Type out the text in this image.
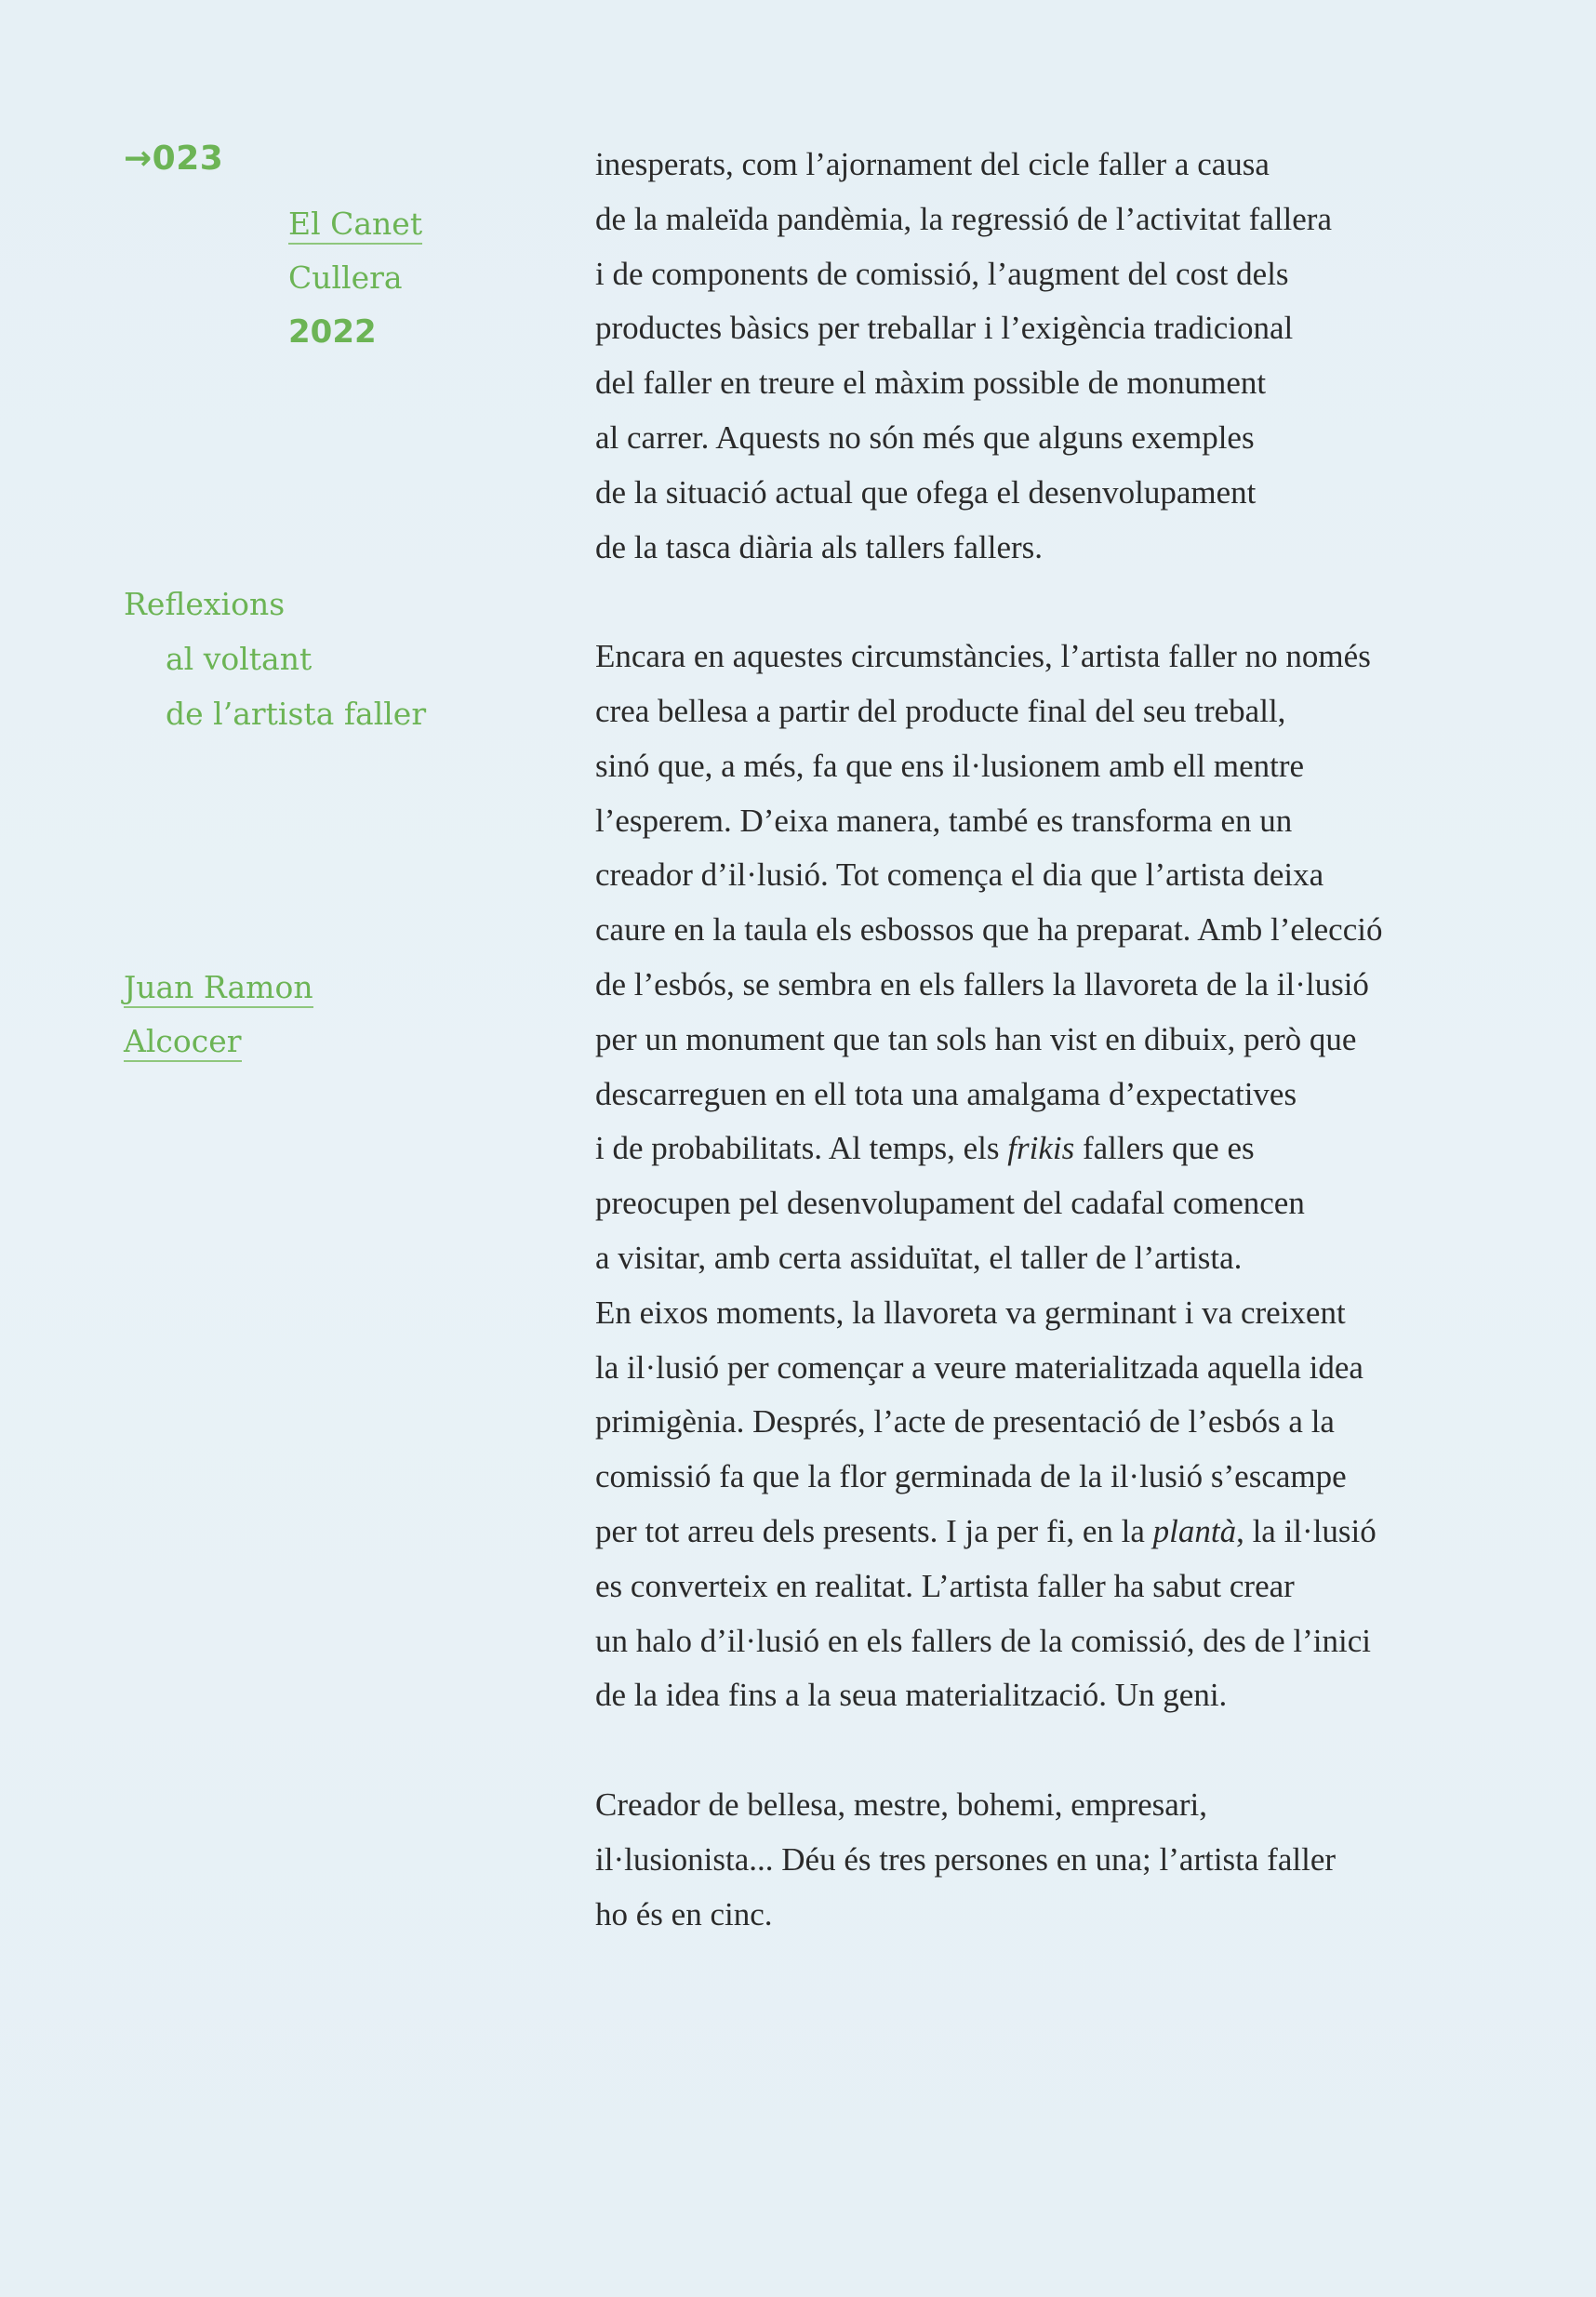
→023
El Canet
Cullera
2022
Reflexions
al voltant
de l’artista faller
Juan Ramon
Alcocer
inesperats, com l’ajornament del cicle faller a causa
de la maleïda pandèmia, la regressió de l’activitat fallera
i de components de comissió, l’augment del cost dels
productes bàsics per treballar i l’exigència tradicional
del faller en treure el màxim possible de monument
al carrer. Aquests no són més que alguns exemples
de la situació actual que ofega el desenvolupament
de la tasca diària als tallers fallers.
Encara en aquestes circumstàncies, l’artista faller no només
crea bellesa a partir del producte final del seu treball,
sinó que, a més, fa que ens il·lusionem amb ell mentre
l’esperem. D’eixa manera, també es transforma en un
creador d’il·lusió. Tot comença el dia que l’artista deixa
caure en la taula els esbossos que ha preparat. Amb l’elecció
de l’esbós, se sembra en els fallers la llavoreta de la il·lusió
per un monument que tan sols han vist en dibuix, però que
descarreguen en ell tota una amalgama d’expectatives
i de probabilitats. Al temps, els frikis fallers que es
preocupen pel desenvolupament del cadafal comencen
a visitar, amb certa assiduïtat, el taller de l’artista.
En eixos moments, la llavoreta va germinant i va creixent
la il·lusió per començar a veure materialitzada aquella idea
primigènia. Després, l’acte de presentació de l’esbós a la
comissió fa que la flor germinada de la il·lusió s’escampe
per tot arreu dels presents. I ja per fi, en la plantà, la il·lusió
es converteix en realitat. L’artista faller ha sabut crear
un halo d’il·lusió en els fallers de la comissió, des de l’inici
de la idea fins a la seua materialització. Un geni.
Creador de bellesa, mestre, bohemi, empresari,
il·lusionista... Déu és tres persones en una; l’artista faller
ho és en cinc.
